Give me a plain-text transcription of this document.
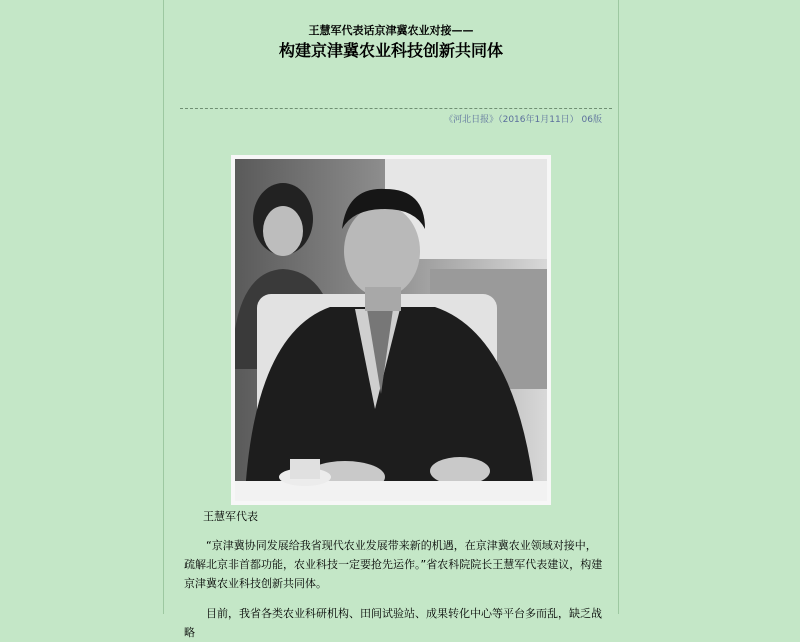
王慧军代表话京津冀农业对接——
构建京津冀农业科技创新共同体
《河北日报》（2016年1月11日） 06版
王慧军代表

“京津冀协同发展给我省现代农业发展带来新的机遇，在京津冀农业领域对接中，疏解北京非首都功能，农业科技一定要抢先运作。”省农科院院长王慧军代表建议，构建京津冀农业科技创新共同体。

目前，我省各类农业科研机构、田间试验站、成果转化中心等平台多而乱，缺乏战略
